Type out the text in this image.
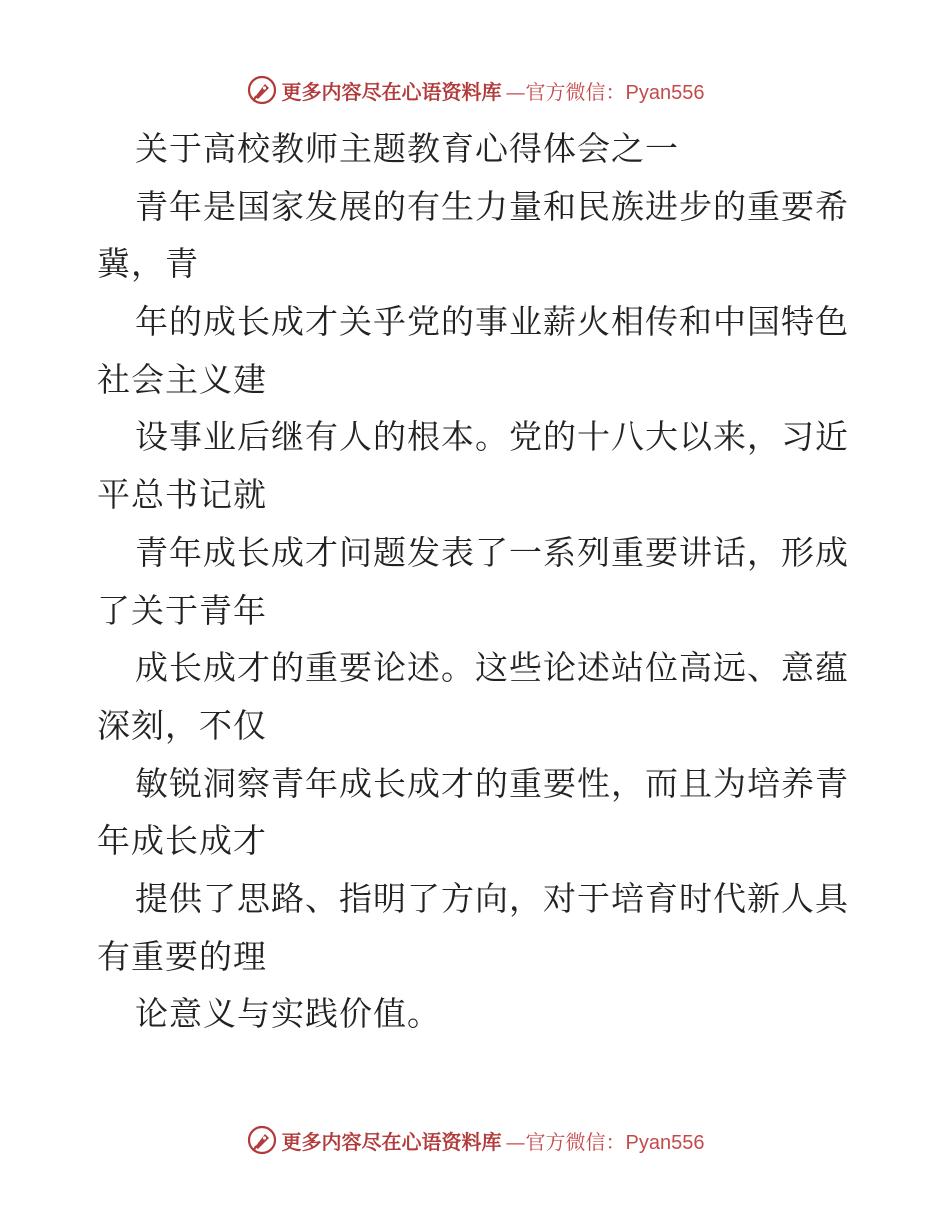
更多内容尽在心语资料库 —官方微信：Pyan556
关于高校教师主题教育心得体会之一
青年是国家发展的有生力量和民族进步的重要希
冀，青
年的成长成才关乎党的事业薪火相传和中国特色
社会主义建
设事业后继有人的根本。党的十八大以来，习近
平总书记就
青年成长成才问题发表了一系列重要讲话，形成
了关于青年
成长成才的重要论述。这些论述站位高远、意蕴
深刻，不仅
敏锐洞察青年成长成才的重要性，而且为培养青
年成长成才
提供了思路、指明了方向，对于培育时代新人具
有重要的理
论意义与实践价值。
更多内容尽在心语资料库 —官方微信：Pyan556
